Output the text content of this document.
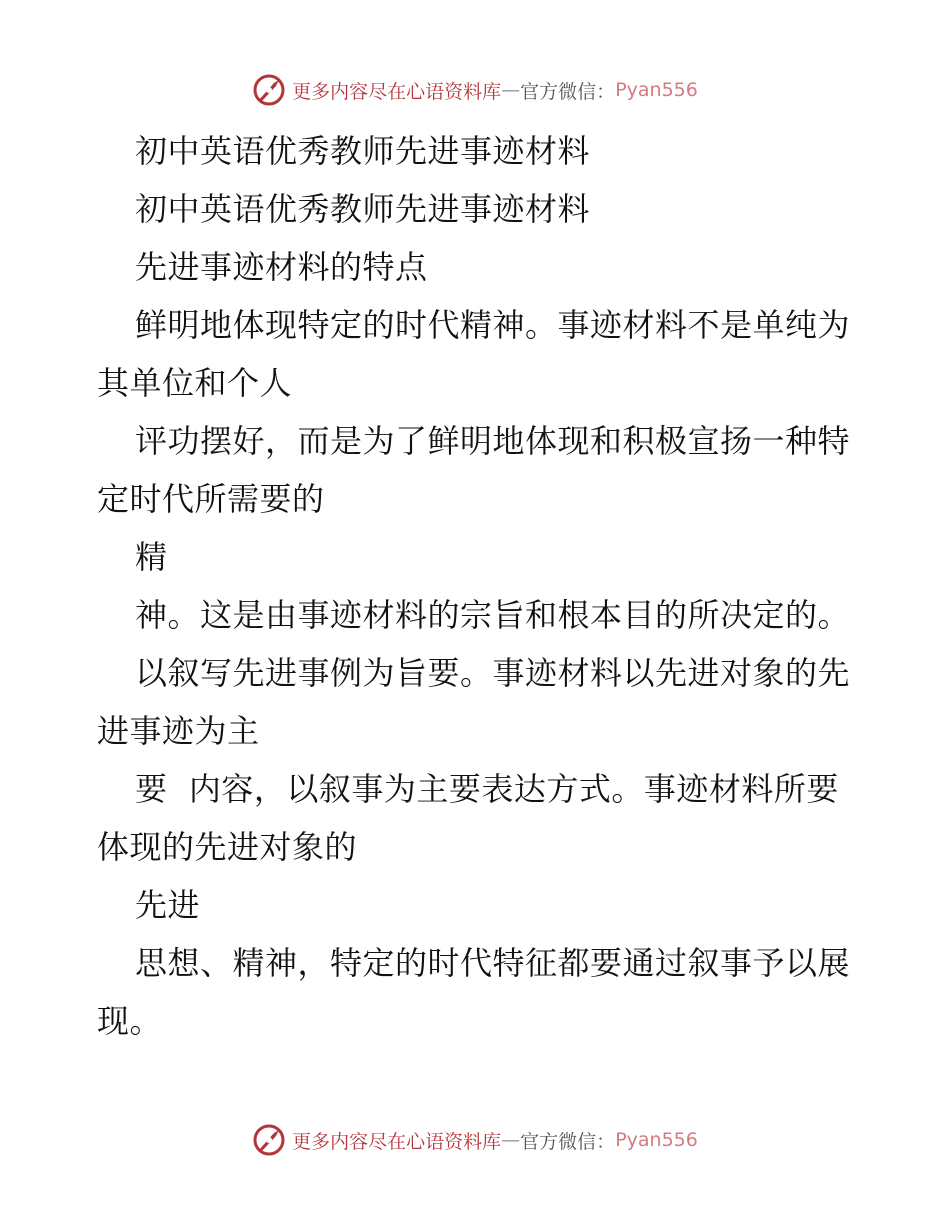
更多内容尽在心语资料库 — 官方微信： Pyan556

初中英语优秀教师先进事迹材料

初中英语优秀教师先进事迹材料

先进事迹材料的特点

鲜明地体现特定的时代精神。事迹材料不是单纯为其单位和个人

评功摆好，而是为了鲜明地体现和积极宣扬一种特定时代所需要的

精

神。这是由事迹材料的宗旨和根本目的所决定的。

以叙写先进事例为旨要。事迹材料以先进对象的先进事迹为主

要  内容，以叙事为主要表达方式。事迹材料所要体现的先进对象的

先进

思想、精神，特定的时代特征都要通过叙事予以展现。

更多内容尽在心语资料库 — 官方微信： Pyan556
